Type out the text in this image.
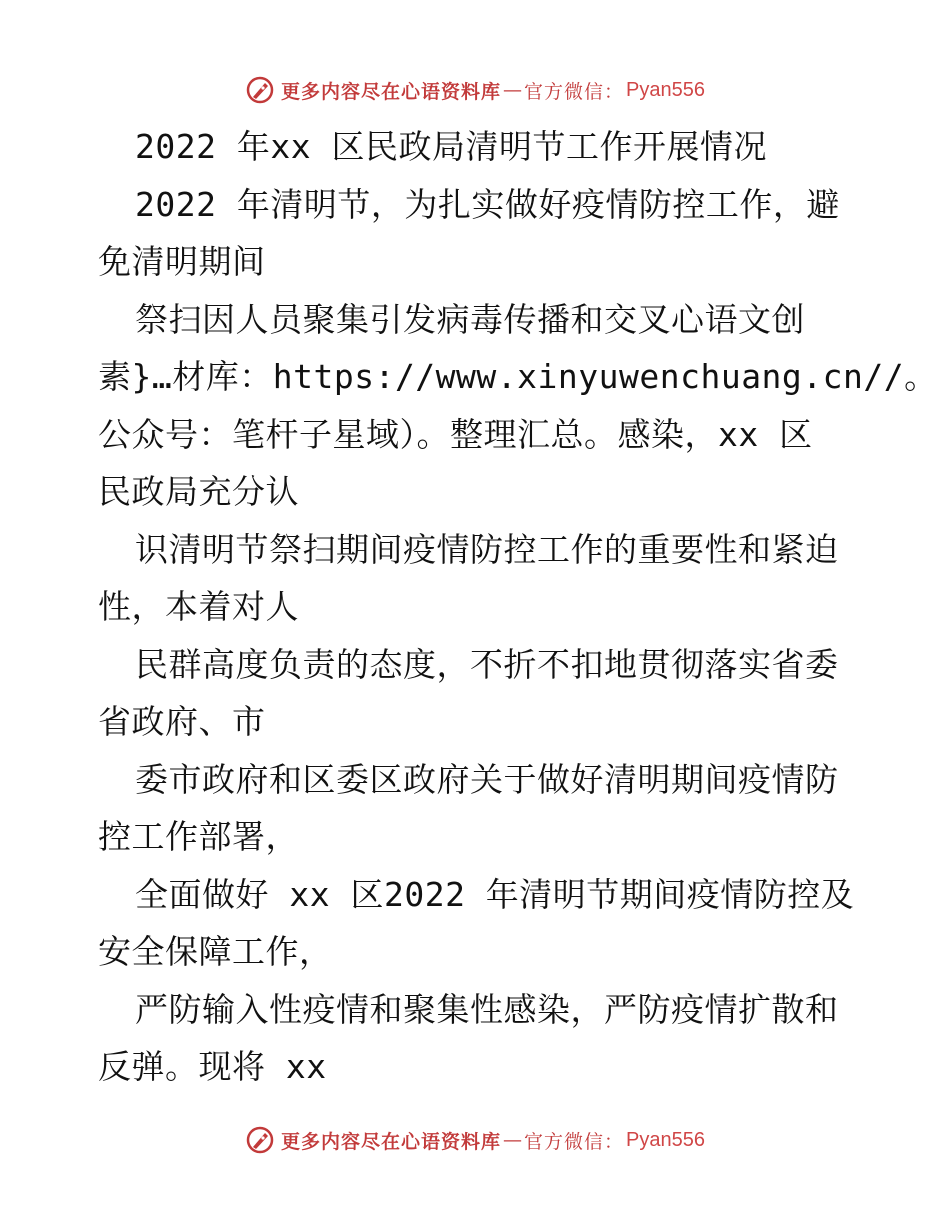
更多内容尽在心语资料库 — 官方微信： Pyan556
2022 年xx 区民政局清明节工作开展情况
2022 年清明节，为扎实做好疫情防控工作，避
免清明期间
祭扫因人员聚集引发病毒传播和交叉心语文创
素}…材库：https://www.xinyuwenchuang.cn//。
公众号：笔杆子星域）。整理汇总。感染，xx 区
民政局充分认
识清明节祭扫期间疫情防控工作的重要性和紧迫
性，本着对人
民群高度负责的态度，不折不扣地贯彻落实省委
省政府、市
委市政府和区委区政府关于做好清明期间疫情防
控工作部署，
全面做好 xx 区2022 年清明节期间疫情防控及
安全保障工作，
严防输入性疫情和聚集性感染，严防疫情扩散和
反弹。现将 xx
更多内容尽在心语资料库 — 官方微信： Pyan556
